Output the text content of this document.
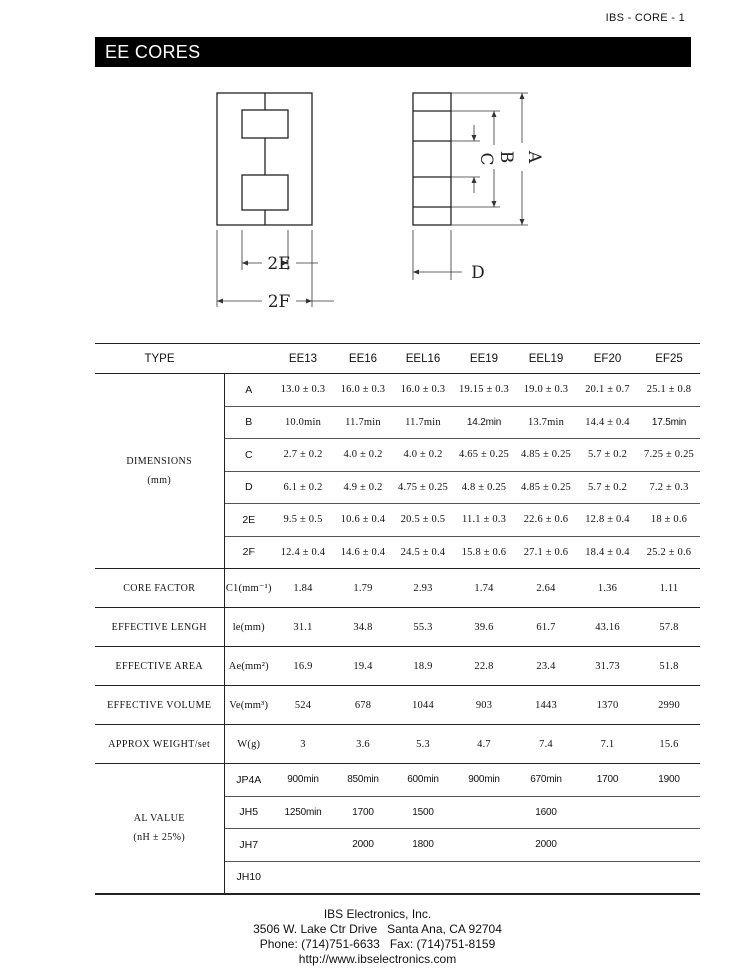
IBS - CORE - 1
EE CORES
2E
2F
D
A
B
C
TYPE		EE13	EE16	EEL16	EE19	EEL19	EF20	EF25

DIMENSIONS
(mm)	A	13.0 ± 0.3	16.0 ± 0.3	16.0 ± 0.3	19.15 ± 0.3	19.0 ± 0.3	20.1 ± 0.7	25.1 ± 0.8
	B	10.0min	11.7min	11.7min	14.2min	13.7min	14.4 ± 0.4	17.5min
	C	2.7 ± 0.2	4.0 ± 0.2	4.0 ± 0.2	4.65 ± 0.25	4.85 ± 0.25	5.7 ± 0.2	7.25 ± 0.25
	D	6.1 ± 0.2	4.9 ± 0.2	4.75 ± 0.25	4.8 ± 0.25	4.85 ± 0.25	5.7 ± 0.2	7.2 ± 0.3
	2E	9.5 ± 0.5	10.6 ± 0.4	20.5 ± 0.5	11.1 ± 0.3	22.6 ± 0.6	12.8 ± 0.4	18 ± 0.6
	2F	12.4 ± 0.4	14.6 ± 0.4	24.5 ± 0.4	15.8 ± 0.6	27.1 ± 0.6	18.4 ± 0.4	25.2 ± 0.6
CORE FACTOR	C1(mm⁻¹)	1.84	1.79	2.93	1.74	2.64	1.36	1.11
EFFECTIVE LENGH	le(mm)	31.1	34.8	55.3	39.6	61.7	43.16	57.8
EFFECTIVE AREA	Ae(mm²)	16.9	19.4	18.9	22.8	23.4	31.73	51.8
EFFECTIVE VOLUME	Ve(mm³)	524	678	1044	903	1443	1370	2990
APPROX WEIGHT/set	W(g)	3	3.6	5.3	4.7	7.4	7.1	15.6

AL VALUE
(nH ± 25%)	JP4A	900min	850min	600min	900min	670min	1700	1900
	JH5	1250min	1700	1500		1600		
	JH7		2000	1800		2000		
	JH10							
IBS Electronics, Inc.
3506 W. Lake Ctr Drive   Santa Ana, CA 92704
Phone: (714)751-6633   Fax: (714)751-8159
http://www.ibselectronics.com
